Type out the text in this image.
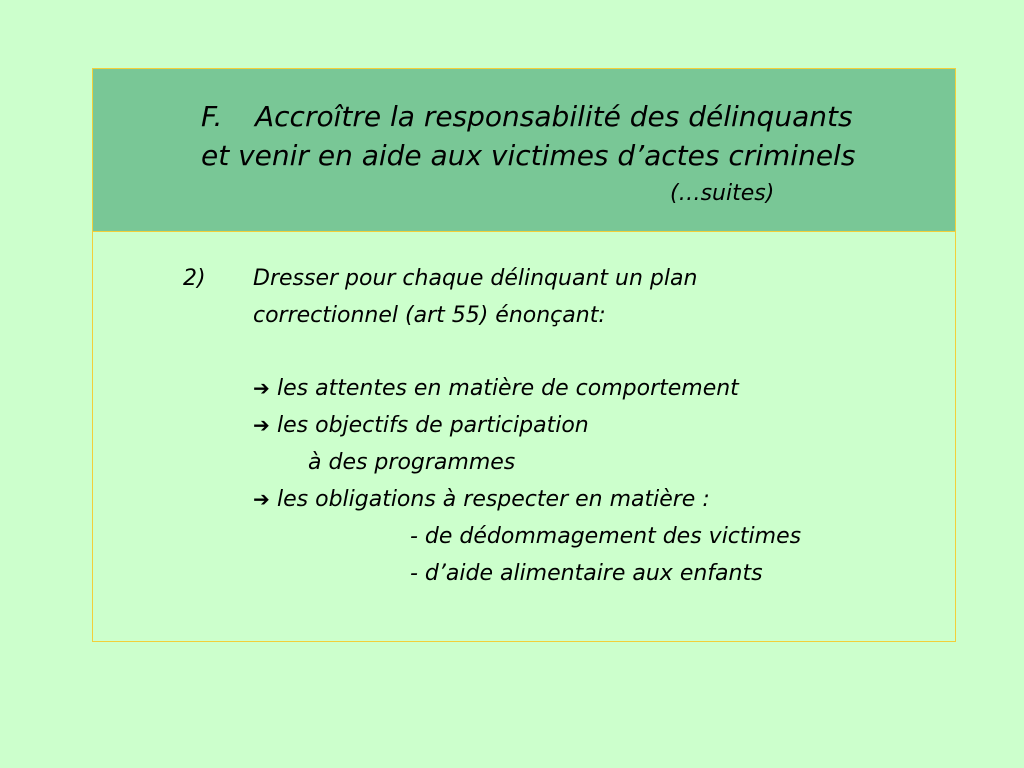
F. Accroître la responsabilité des délinquants
et venir en aide aux victimes d’actes criminels
(…suites)
2) Dresser pour chaque délinquant un plan
correctionnel (art 55) énonçant:
➔ les attentes en matière de comportement
➔ les objectifs de participation
à des programmes
➔ les obligations à respecter en matière :
- de dédommagement des victimes
- d’aide alimentaire aux enfants
